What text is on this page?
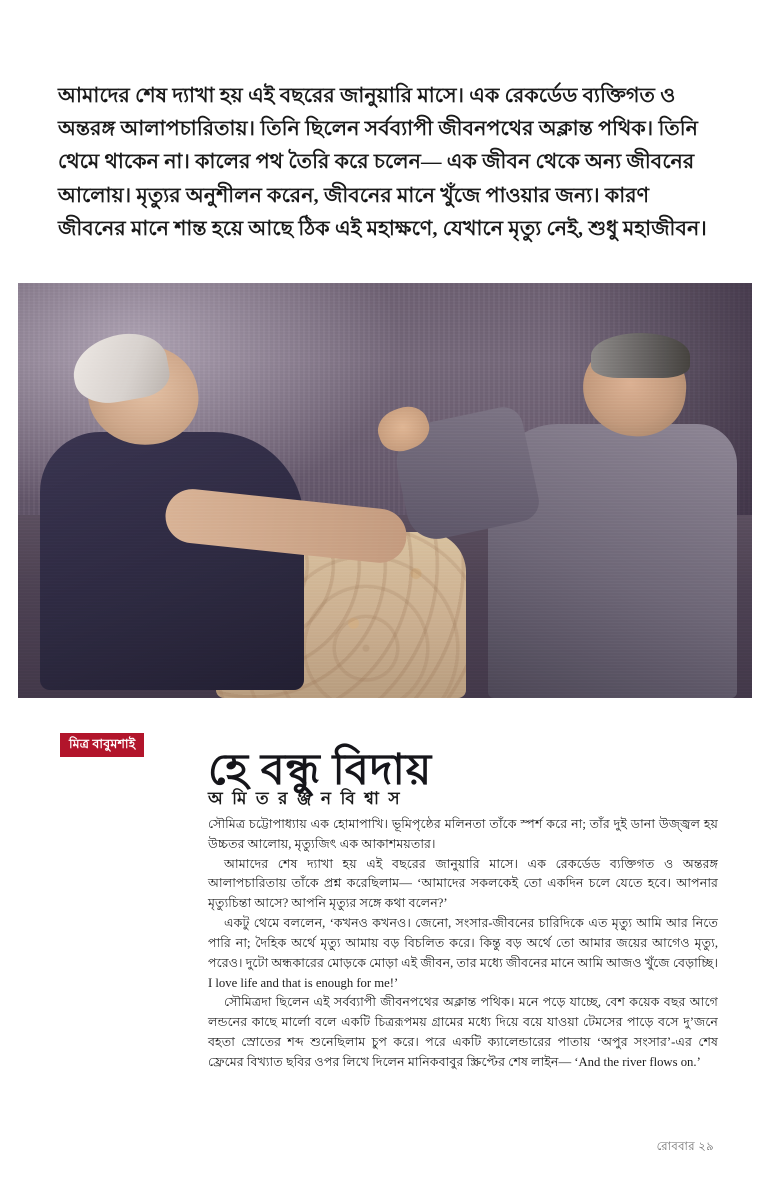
আমাদের শেষ দ্যাখা হয় এই বছরের জানুয়ারি মাসে। এক রেকর্ডেড ব্যক্তিগত ও অন্তরঙ্গ আলাপচারিতায়। তিনি ছিলেন সর্বব্যাপী জীবনপথের অক্লান্ত পথিক। তিনি থেমে থাকেন না। কালের পথ তৈরি করে চলেন— এক জীবন থেকে অন্য জীবনের আলোয়। মৃত্যুর অনুশীলন করেন, জীবনের মানে খুঁজে পাওয়ার জন্য। কারণ জীবনের মানে শান্ত হয়ে আছে ঠিক এই মহাক্ষণে, যেখানে মৃত্যু নেই, শুধু মহাজীবন।
মিত্র বাবুমশাই
হে বন্ধু বিদায়
অ মি ত র ঞ্জ ন বি শ্বা স

সৌমিত্র চট্টোপাধ্যায় এক হোমাপাখি। ভূমিপৃষ্ঠের মলিনতা তাঁকে স্পর্শ করে না; তাঁর দুই ডানা উজ্জ্বল হয় উচ্চতর আলোয়, মৃত্যুজিৎ এক আকাশময়তার।

আমাদের শেষ দ্যাখা হয় এই বছরের জানুয়ারি মাসে। এক রেকর্ডেড ব্যক্তিগত ও অন্তরঙ্গ আলাপচারিতায় তাঁকে প্রশ্ন করেছিলাম— ‘আমাদের সকলকেই তো একদিন চলে যেতে হবে। আপনার মৃত্যুচিন্তা আসে? আপনি মৃত্যুর সঙ্গে কথা বলেন?’

একটু থেমে বললেন, ‘কখনও কখনও। জেনো, সংসার-জীবনের চারিদিকে এত মৃত্যু আমি আর নিতে পারি না; দৈহিক অর্থে মৃত্যু আমায় বড় বিচলিত করে। কিন্তু বড় অর্থে তো আমার জয়ের আগেও মৃত্যু, পরেও। দুটো অন্ধকারের মোড়কে মোড়া এই জীবন, তার মধ্যে জীবনের মানে আমি আজও খুঁজে বেড়াচ্ছি। I love life and that is enough for me!’

সৌমিত্রদা ছিলেন এই সর্বব্যাপী জীবনপথের অক্লান্ত পথিক। মনে পড়ে যাচ্ছে, বেশ কয়েক বছর আগে লন্ডনের কাছে মার্লো বলে একটি চিত্ররূপময় গ্রামের মধ্যে দিয়ে বয়ে যাওয়া টেমসের পাড়ে বসে দু’জনে বহতা স্রোতের শব্দ শুনেছিলাম চুপ করে। পরে একটি ক্যালেন্ডারের পাতায় ‘অপুর সংসার’-এর শেষ ফ্রেমের বিখ্যাত ছবির ওপর লিখে দিলেন মানিকবাবুর স্ক্রিপ্টের শেষ লাইন— ‘And the river flows on.’

রোববার ২৯
